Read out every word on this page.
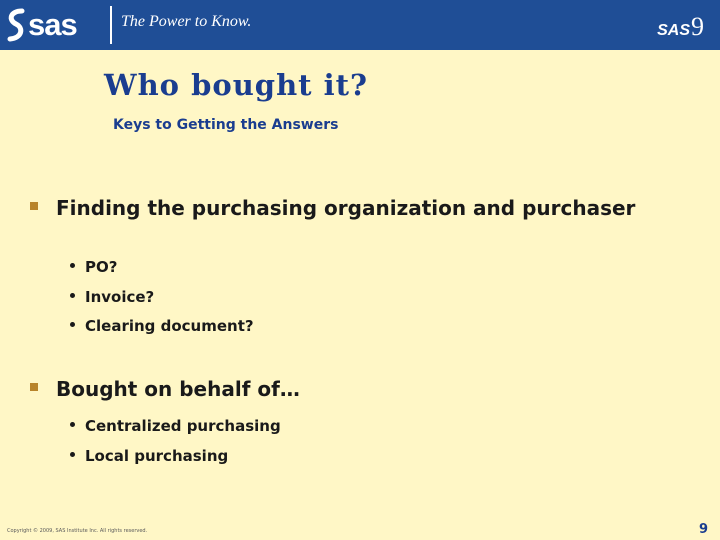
sas	The Power to Know.
SAS 9
Who bought it?
Keys to Getting the Answers
Finding the purchasing organization and purchaser
PO?
Invoice?
Clearing document?
Bought on behalf of…
Centralized purchasing
Local purchasing
Copyright © 2009, SAS Institute Inc. All rights reserved.	9
